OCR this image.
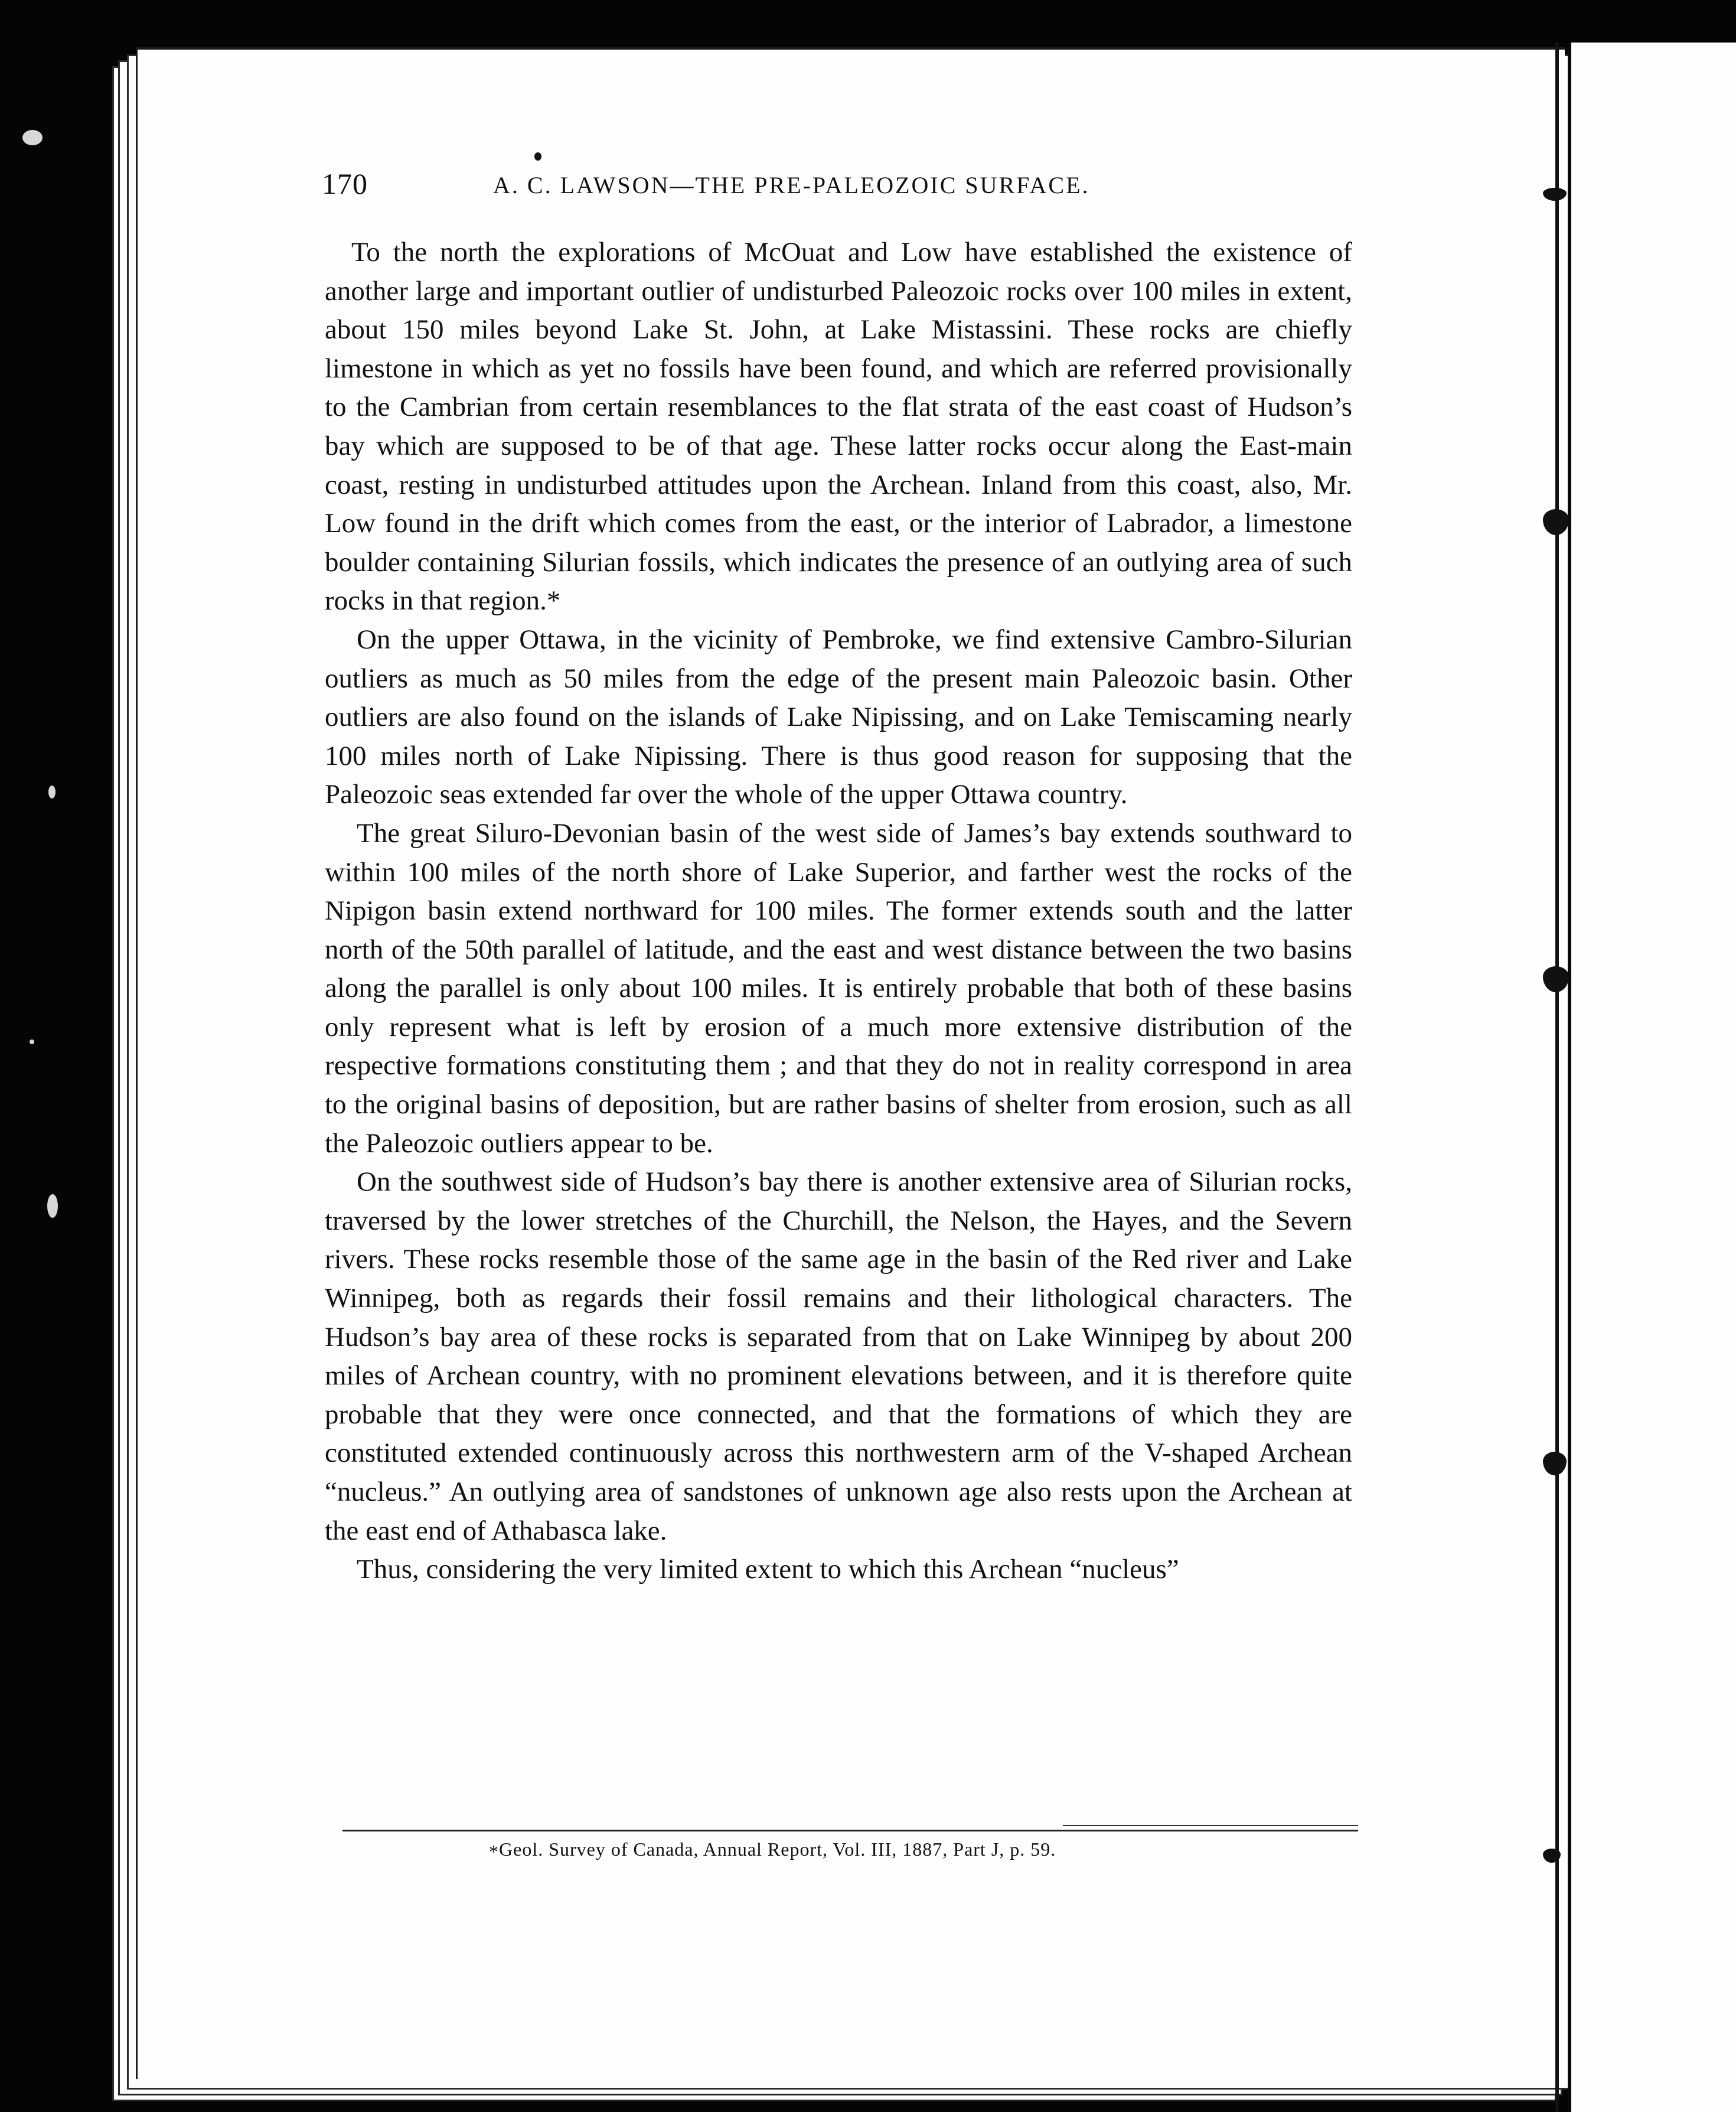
170	A. C. LAWSON—THE PRE-PALEOZOIC SURFACE.

To the north the explorations of McOuat and Low have established the existence of another large and important outlier of undisturbed Paleozoic rocks over 100 miles in extent, about 150 miles beyond Lake St. John, at Lake Mistassini. These rocks are chiefly limestone in which as yet no fossils have been found, and which are referred provisionally to the Cambrian from certain resemblances to the flat strata of the east coast of Hudson’s bay which are supposed to be of that age. These latter rocks occur along the East-main coast, resting in undisturbed attitudes upon the Archean. Inland from this coast, also, Mr. Low found in the drift which comes from the east, or the interior of Labrador, a limestone boulder containing Silurian fossils, which indicates the presence of an outlying area of such rocks in that region.*

On the upper Ottawa, in the vicinity of Pembroke, we find extensive Cambro-Silurian outliers as much as 50 miles from the edge of the present main Paleozoic basin. Other outliers are also found on the islands of Lake Nipissing, and on Lake Temiscaming nearly 100 miles north of Lake Nipissing. There is thus good reason for supposing that the Paleozoic seas extended far over the whole of the upper Ottawa country.

The great Siluro-Devonian basin of the west side of James’s bay extends southward to within 100 miles of the north shore of Lake Superior, and farther west the rocks of the Nipigon basin extend northward for 100 miles. The former extends south and the latter north of the 50th parallel of latitude, and the east and west distance between the two basins along the parallel is only about 100 miles. It is entirely probable that both of these basins only represent what is left by erosion of a much more extensive distribution of the respective formations constituting them ; and that they do not in reality correspond in area to the original basins of deposition, but are rather basins of shelter from erosion, such as all the Paleozoic outliers appear to be.

On the southwest side of Hudson’s bay there is another extensive area of Silurian rocks, traversed by the lower stretches of the Churchill, the Nelson, the Hayes, and the Severn rivers. These rocks resemble those of the same age in the basin of the Red river and Lake Winnipeg, both as regards their fossil remains and their lithological characters. The Hudson’s bay area of these rocks is separated from that on Lake Winnipeg by about 200 miles of Archean country, with no prominent elevations between, and it is therefore quite probable that they were once connected, and that the formations of which they are constituted extended continuously across this northwestern arm of the V-shaped Archean “nucleus.” An outlying area of sandstones of unknown age also rests upon the Archean at the east end of Athabasca lake.

Thus, considering the very limited extent to which this Archean “nucleus”

* Geol. Survey of Canada, Annual Report, Vol. III, 1887, Part J, p. 59.
